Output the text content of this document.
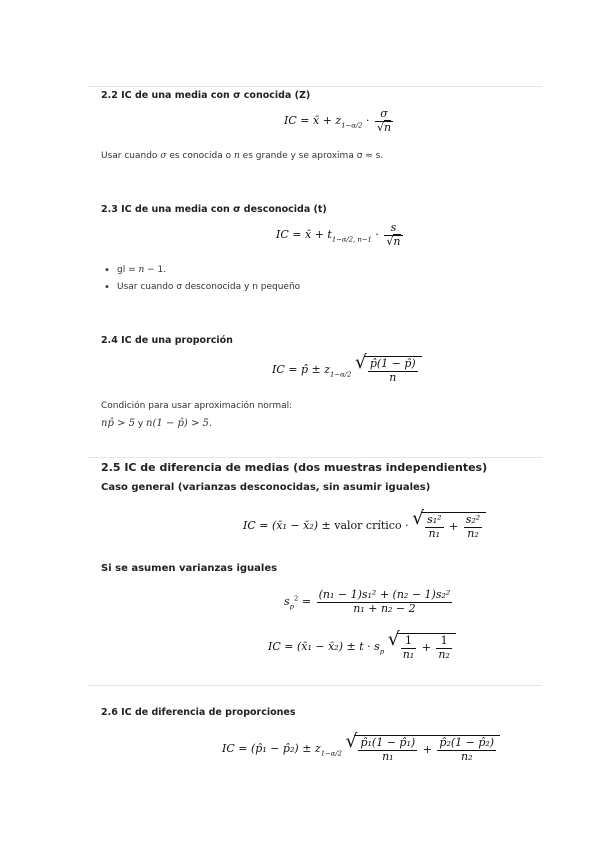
2.2 IC de una media con σ conocida (Z)
IC = x̄ + $z_{1-\alpha/2} \cdot \frac{\sigma}{√n}$
Usar cuando σ es conocida o n es grande y se aproxima σ ≈ s.
2.3 IC de una media con σ desconocida (t)
IC = x̄ + $t_{1-\alpha/2, n-1} \cdot \frac{s}{√n}$
• gl = n − 1.
• Usar cuando σ desconocida y n pequeño
2.4 IC de una proporción
IC = p̂ ± $z_{1-\alpha/2}$
√ $\frac{p̂(1 - p̂)}{n}$
Condición para usar aproximación normal:
np̂ > 5 y n(1 − p̂) > 5.
2.5 IC de diferencia de medias (dos muestras independientes)
Caso general (varianzas desconocidas, sin asumir iguales)
IC = (x̄₁ − x̄₂) ± valor crítico · √ $\frac{\text{s₁²}}{\text{n₁}} + \frac{\text{s₂²}}{\text{n₂}}$
Si se asumen varianzas iguales
$s_p^2 = \frac{\text{(n₁ − 1)s₁² + (n₂ − 1)s₂²}}{\text{n₁ + n₂ − 2}}$
IC = (x̄₁ − x̄₂) ± $t \cdot s_p$
√ $\frac{1}{\text{n₁}} + \frac{1}{\text{n₂}}$
2.6 IC de diferencia de proporciones
IC = (p̂₁ − p̂₂) ± $z_{1-\alpha/2}$
√ $\frac{\text{p̂₁(1 − p̂₁)}}{\text{n₁}} + \frac{\text{p̂₂(1 − p̂₂)}}{\text{n₂}}$
